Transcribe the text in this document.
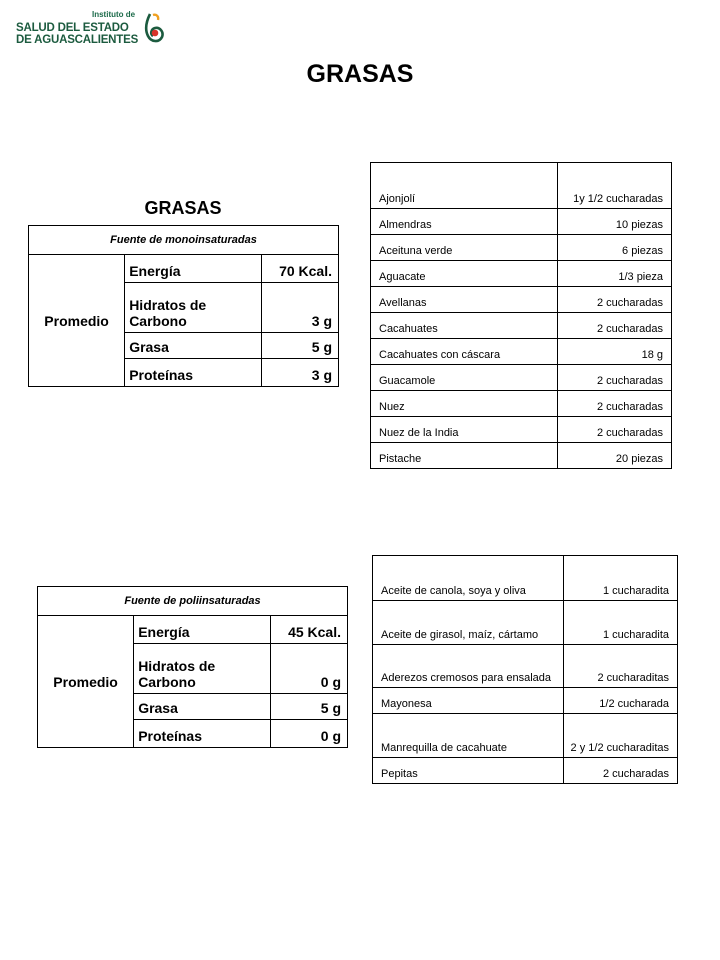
Instituto de
SALUD DEL ESTADO
DE AGUASCALIENTES
GRASAS
GRASAS
Fuente de monoinsaturadas		
Promedio	Energía	70 Kcal.
	Hidratos de Carbono	3 g
	Grasa	5 g
	Proteínas	3 g
Fuente de poliinsaturadas		
Promedio	Energía	45 Kcal.
	Hidratos de Carbono	0 g
	Grasa	5 g
	Proteínas	0 g
Ajonjolí	1y 1/2 cucharadas
Almendras	10 piezas
Aceituna verde	6 piezas
Aguacate	1/3 pieza
Avellanas	2 cucharadas
Cacahuates	2 cucharadas
Cacahuates con cáscara	18 g
Guacamole	2 cucharadas
Nuez	2 cucharadas
Nuez de la India	2 cucharadas
Pistache	20 piezas
Aceite de canola, soya y oliva	1 cucharadita
Aceite de girasol, maíz, cártamo	1 cucharadita
Aderezos cremosos para ensalada	2 cucharaditas
Mayonesa	1/2 cucharada
Manrequilla de cacahuate	2 y 1/2 cucharaditas
Pepitas	2 cucharadas
